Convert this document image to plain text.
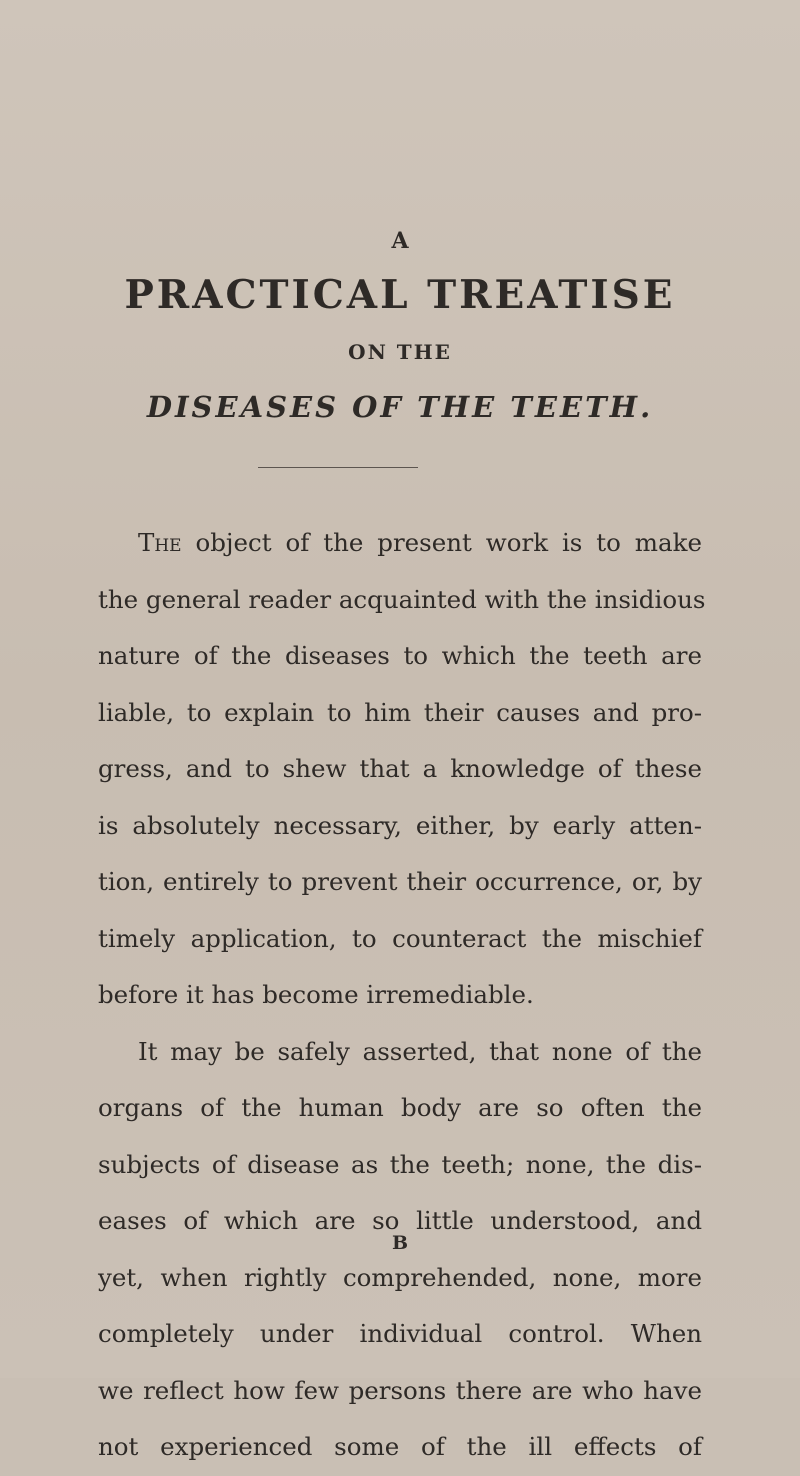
A
PRACTICAL TREATISE
ON THE
DISEASES OF THE TEETH.
The object of the present work is to make
the general reader acquainted with the insidious
nature of the diseases to which the teeth are
liable, to explain to him their causes and pro-
gress, and to shew that a knowledge of these
is absolutely necessary, either, by early atten-
tion, entirely to prevent their occurrence, or, by
timely application, to counteract the mischief
before it has become irremediable.
It may be safely asserted, that none of the
organs of the human body are so often the
subjects of disease as the teeth; none, the dis-
eases of which are so little understood, and
yet, when rightly comprehended, none, more
completely under individual control. When
we reflect how few persons there are who have
not experienced some of the ill effects of
B
